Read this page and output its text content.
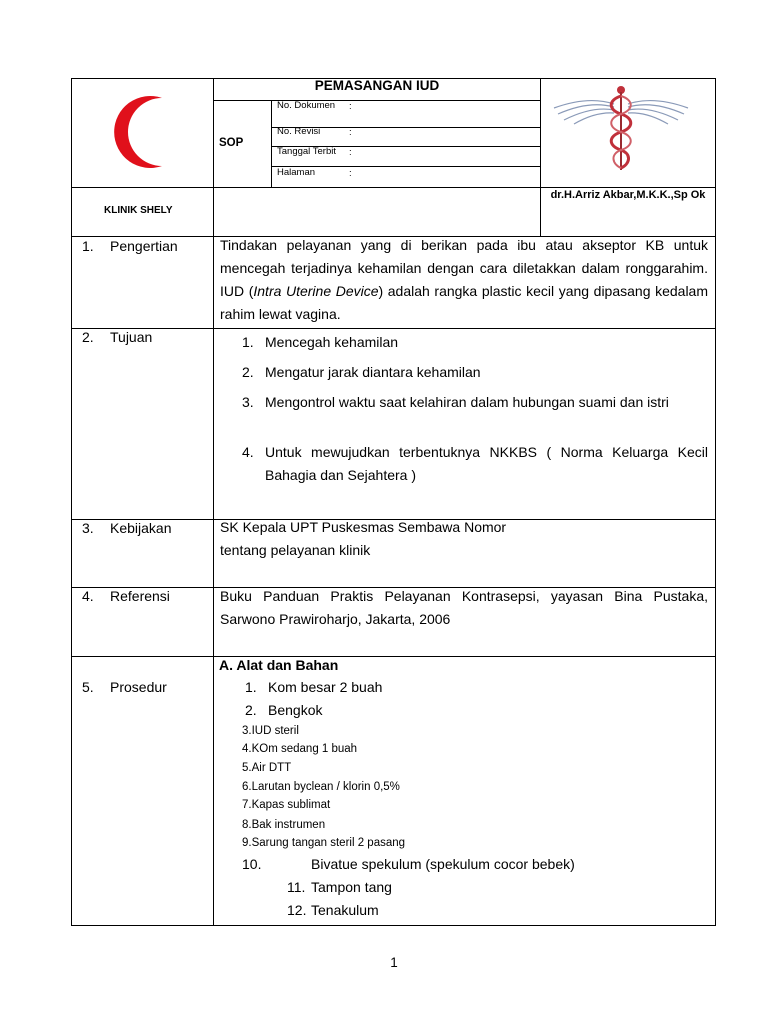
PEMASANGAN IUD
SOP
No. Dokumen :
No. Revisi	:
Tanggal Terbit :
Halaman	:
KLINIK SHELY
dr.H.Arriz Akbar,M.K.K.,Sp Ok
1. Pengertian	Tindakan pelayanan yang di berikan pada ibu atau akseptor KB untuk mencegah terjadinya kehamilan dengan cara diletakkan dalam ronggarahim. IUD (Intra Uterine Device) adalah rangka plastic kecil yang dipasang kedalam rahim lewat vagina.
2. Tujuan	1. Mencegah kehamilan
2. Mengatur jarak diantara kehamilan
3. Mengontrol waktu saat kelahiran dalam hubungan suami dan istri
4. Untuk mewujudkan terbentuknya NKKBS ( Norma Keluarga Kecil Bahagia dan Sejahtera )
3. Kebijakan	SK Kepala UPT Puskesmas Sembawa Nomor
tentang pelayanan klinik
4. Referensi	Buku Panduan Praktis Pelayanan Kontrasepsi, yayasan Bina Pustaka, Sarwono Prawiroharjo, Jakarta, 2006
5. Prosedur
A. Alat dan Bahan
1. Kom besar 2 buah
2. Bengkok
3.IUD steril
4.KOm sedang 1 buah
5.Air DTT
6.Larutan byclean / klorin 0,5%
7.Kapas sublimat
8.Bak instrumen
9.Sarung tangan steril 2 pasang
10.	Bivatue spekulum (spekulum cocor bebek)
11. Tampon tang
12. Tenakulum
1
